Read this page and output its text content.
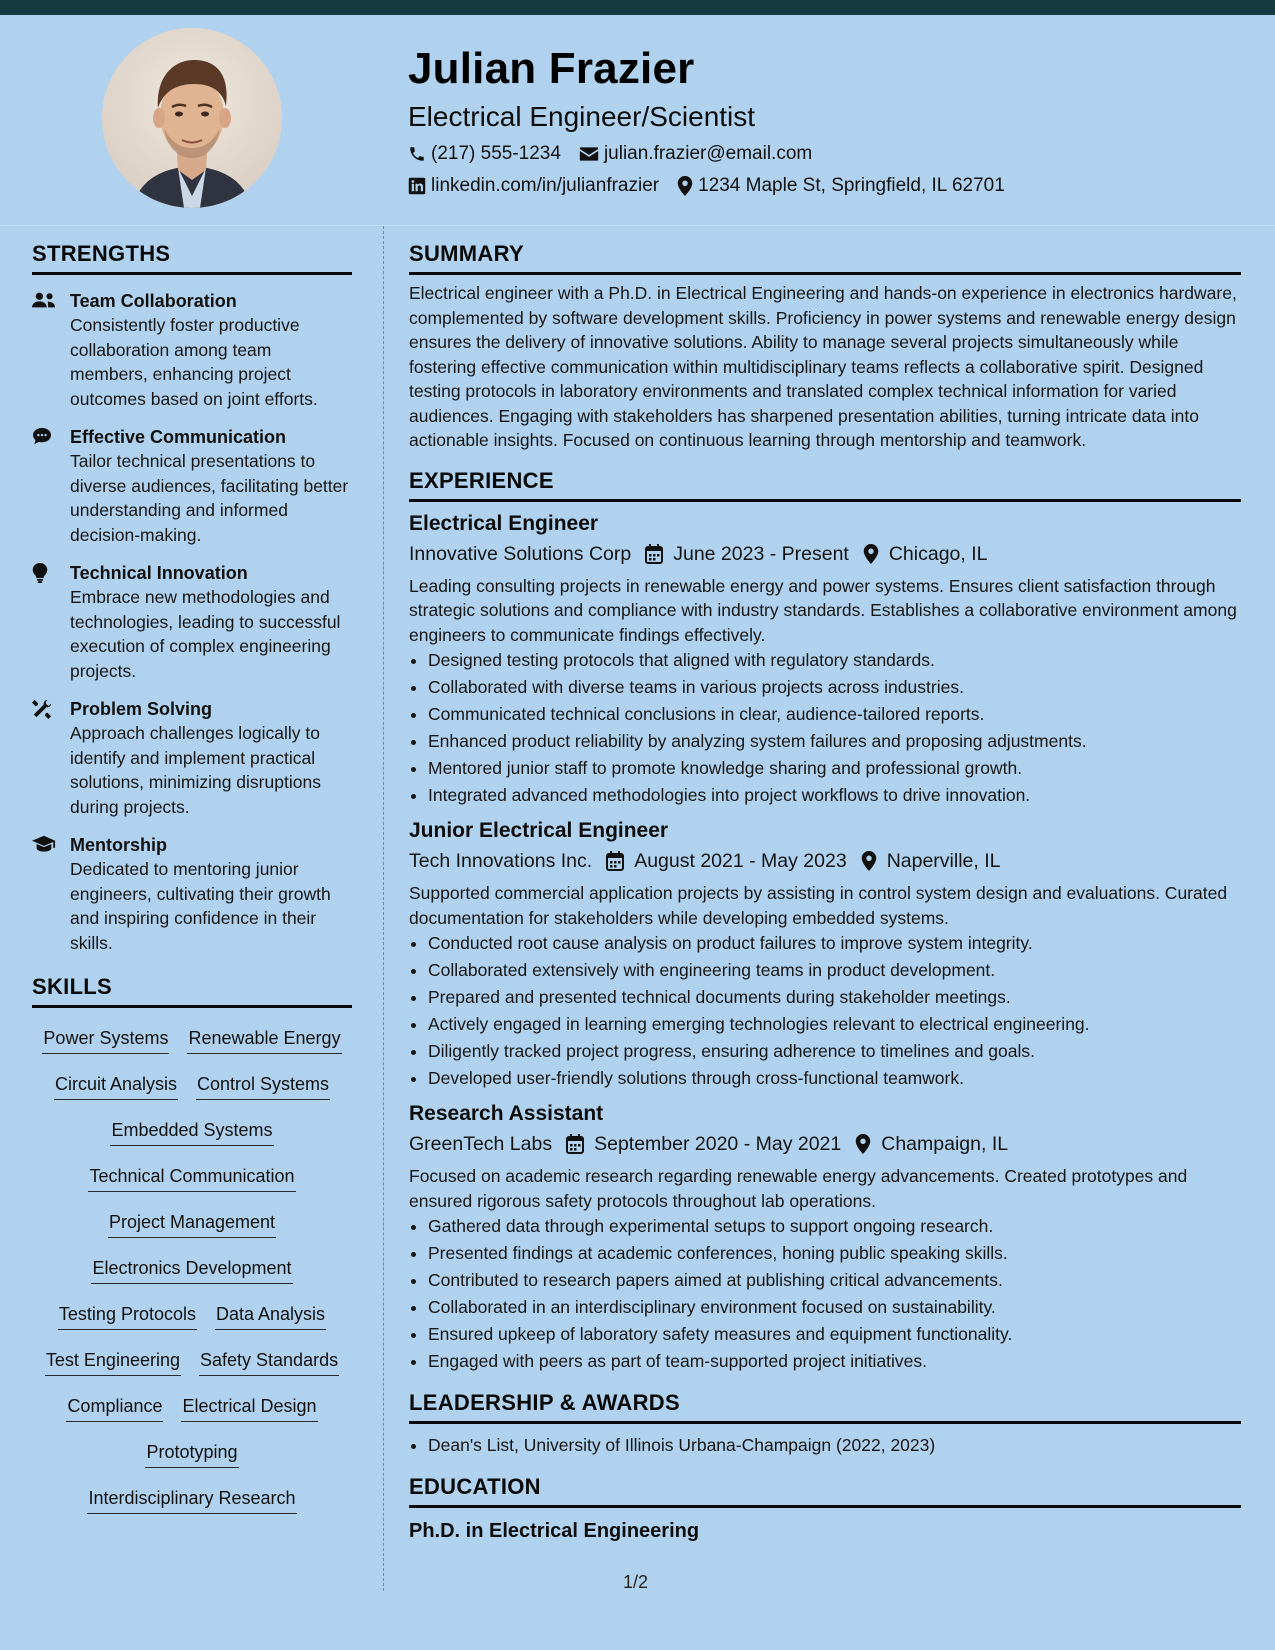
Julian Frazier
Electrical Engineer/Scientist
(217) 555-1234 julian.frazier@email.com
linkedin.com/in/julianfrazier 1234 Maple St, Springfield, IL 62701
STRENGTHS
Team Collaboration
Consistently foster productive collaboration among team members, enhancing project outcomes based on joint efforts.
Effective Communication
Tailor technical presentations to diverse audiences, facilitating better understanding and informed decision-making.
Technical Innovation
Embrace new methodologies and technologies, leading to successful execution of complex engineering projects.
Problem Solving
Approach challenges logically to identify and implement practical solutions, minimizing disruptions during projects.
Mentorship
Dedicated to mentoring junior engineers, cultivating their growth and inspiring confidence in their skills.
SKILLS
Power Systems Renewable Energy
Circuit Analysis Control Systems
Embedded Systems
Technical Communication
Project Management
Electronics Development
Testing Protocols Data Analysis
Test Engineering Safety Standards
Compliance Electrical Design
Prototyping
Interdisciplinary Research
SUMMARY
Electrical engineer with a Ph.D. in Electrical Engineering and hands-on experience in electronics hardware, complemented by software development skills. Proficiency in power systems and renewable energy design ensures the delivery of innovative solutions. Ability to manage several projects simultaneously while fostering effective communication within multidisciplinary teams reflects a collaborative spirit. Designed testing protocols in laboratory environments and translated complex technical information for varied audiences. Engaging with stakeholders has sharpened presentation abilities, turning intricate data into actionable insights. Focused on continuous learning through mentorship and teamwork.
EXPERIENCE
Electrical Engineer
Innovative Solutions Corp June 2023 - Present Chicago, IL
Leading consulting projects in renewable energy and power systems. Ensures client satisfaction through strategic solutions and compliance with industry standards. Establishes a collaborative environment among engineers to communicate findings effectively.
• Designed testing protocols that aligned with regulatory standards.
• Collaborated with diverse teams in various projects across industries.
• Communicated technical conclusions in clear, audience-tailored reports.
• Enhanced product reliability by analyzing system failures and proposing adjustments.
• Mentored junior staff to promote knowledge sharing and professional growth.
• Integrated advanced methodologies into project workflows to drive innovation.
Junior Electrical Engineer
Tech Innovations Inc. August 2021 - May 2023 Naperville, IL
Supported commercial application projects by assisting in control system design and evaluations. Curated documentation for stakeholders while developing embedded systems.
• Conducted root cause analysis on product failures to improve system integrity.
• Collaborated extensively with engineering teams in product development.
• Prepared and presented technical documents during stakeholder meetings.
• Actively engaged in learning emerging technologies relevant to electrical engineering.
• Diligently tracked project progress, ensuring adherence to timelines and goals.
• Developed user-friendly solutions through cross-functional teamwork.
Research Assistant
GreenTech Labs September 2020 - May 2021 Champaign, IL
Focused on academic research regarding renewable energy advancements. Created prototypes and ensured rigorous safety protocols throughout lab operations.
• Gathered data through experimental setups to support ongoing research.
• Presented findings at academic conferences, honing public speaking skills.
• Contributed to research papers aimed at publishing critical advancements.
• Collaborated in an interdisciplinary environment focused on sustainability.
• Ensured upkeep of laboratory safety measures and equipment functionality.
• Engaged with peers as part of team-supported project initiatives.
LEADERSHIP & AWARDS
• Dean's List, University of Illinois Urbana-Champaign (2022, 2023)
EDUCATION
Ph.D. in Electrical Engineering
1/2
